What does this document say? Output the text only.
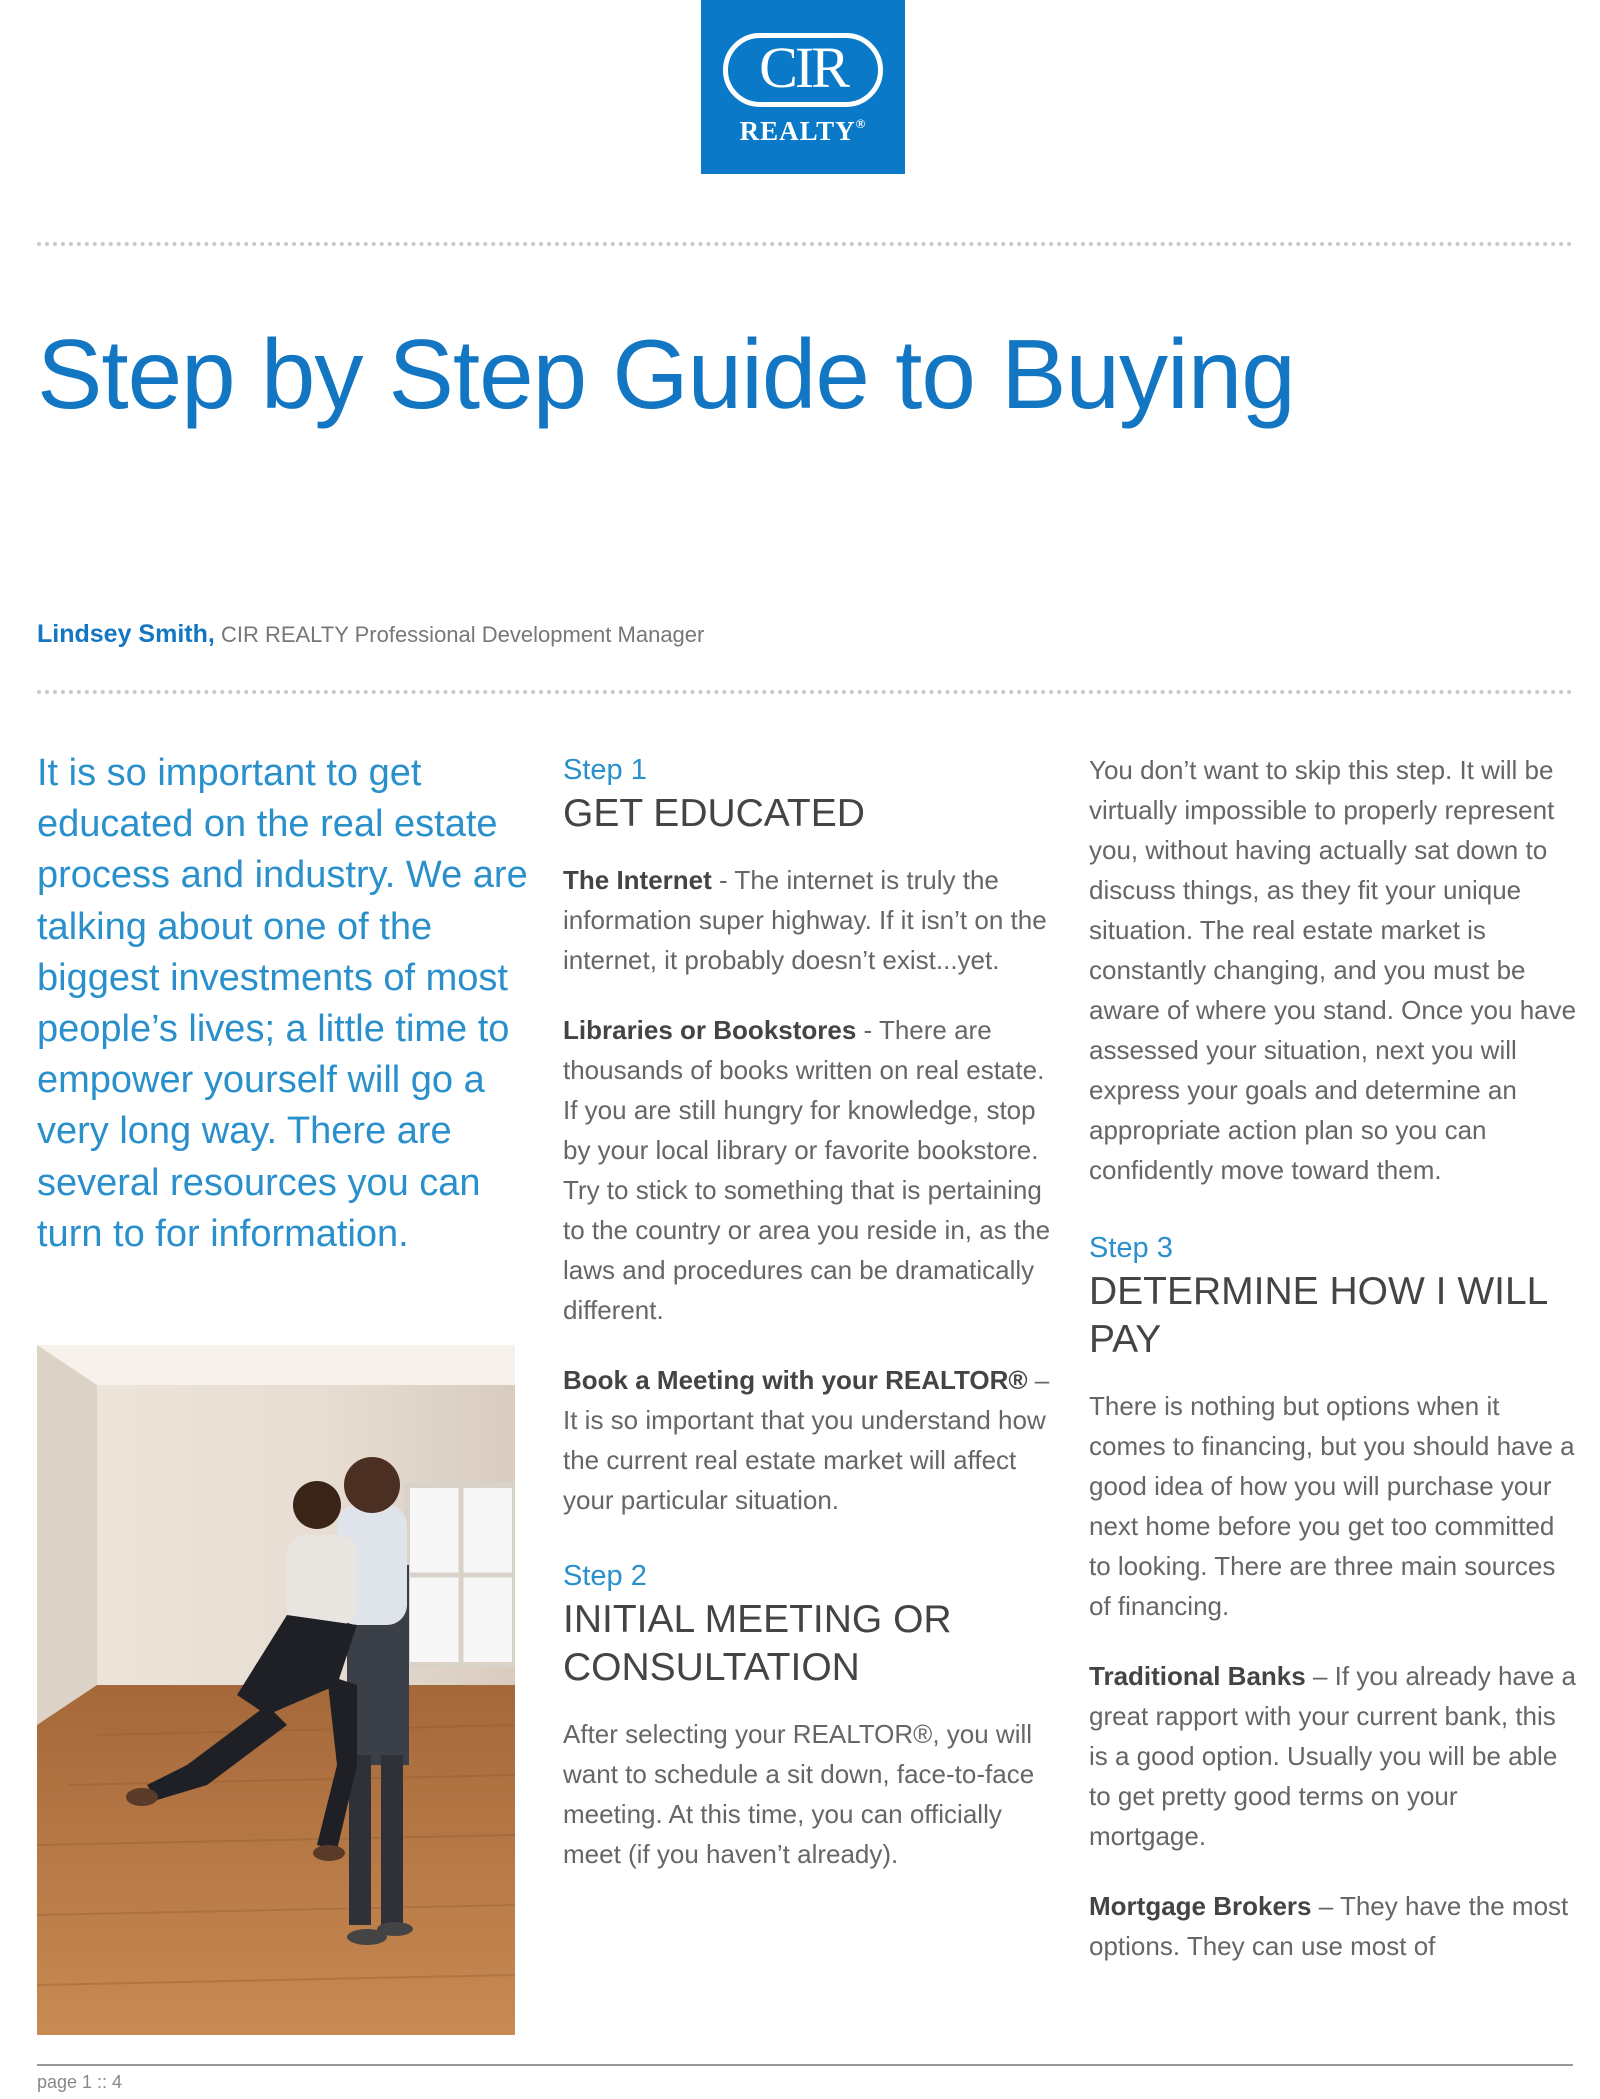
CIR
REALTY®
Step by Step Guide to Buying
Lindsey Smith, CIR REALTY Professional Development Manager
It is so important to get educated on the real estate process and industry. We are talking about one of the biggest investments of most people’s lives; a little time to empower yourself will go a very long way. There are several resources you can turn to for information.

Step 1

GET EDUCATED

The Internet - The internet is truly the information super highway. If it isn’t on the internet, it probably doesn’t exist...yet.

Libraries or Bookstores - There are thousands of books written on real estate. If you are still hungry for knowledge, stop by your local library or favorite bookstore. Try to stick to something that is pertaining to the country or area you reside in, as the laws and procedures can be dramatically different.

Book a Meeting with your REALTOR® – It is so important that you understand how the current real estate market will affect your particular situation.

Step 2

INITIAL MEETING OR CONSULTATION

After selecting your REALTOR®, you will want to schedule a sit down, face-to-face meeting. At this time, you can officially meet (if you haven’t already).

You don’t want to skip this step. It will be virtually impossible to properly represent you, without having actually sat down to discuss things, as they fit your unique situation. The real estate market is constantly changing, and you must be aware of where you stand. Once you have assessed your situation, next you will express your goals and determine an appropriate action plan so you can confidently move toward them.

Step 3

DETERMINE HOW I WILL PAY

There is nothing but options when it comes to financing, but you should have a good idea of how you will purchase your next home before you get too committed to looking. There are three main sources of financing.

Traditional Banks – If you already have a great rapport with your current bank, this is a good option. Usually you will be able to get pretty good terms on your mortgage.

Mortgage Brokers – They have the most options. They can use most of

page 1 :: 4
